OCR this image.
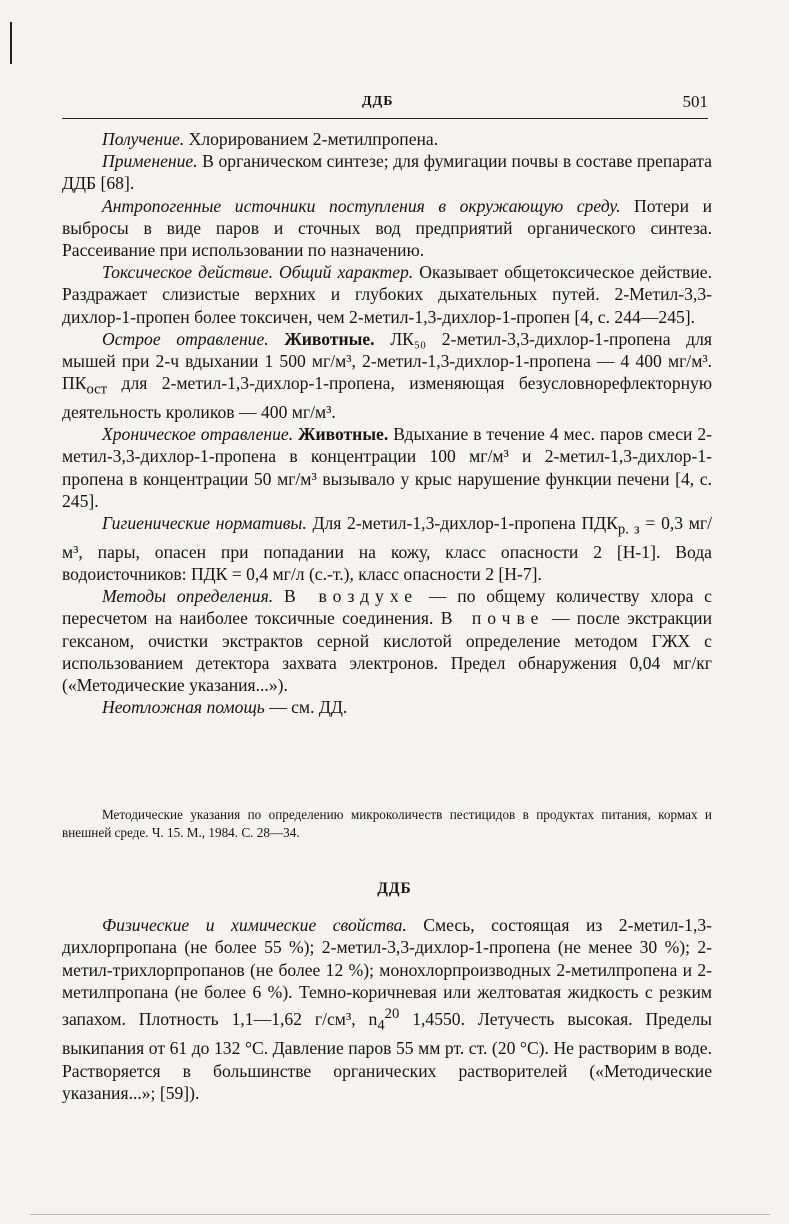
ДДБ	501

Получение. Хлорированием 2-метилпропена.

Применение. В органическом синтезе; для фумигации почвы в составе препарата ДДБ [68].

Антропогенные источники поступления в окружающую среду. Потери и выбросы в виде паров и сточных вод предприятий органического синтеза. Рассеивание при использовании по назначению.

Токсическое действие. Общий характер. Оказывает общетоксическое действие. Раздражает слизистые верхних и глубоких дыхательных путей. 2-Метил-3,3-дихлор-1-пропен более токсичен, чем 2-метил-1,3-дихлор-1-пропен [4, с. 244—245].

Острое отравление. Животные. ЛК₅₀ 2-метил-3,3-дихлор-1-пропена для мышей при 2-ч вдыхании 1 500 мг/м³, 2-метил-1,3-дихлор-1-пропена — 4 400 мг/м³. $ПК_{ост}$ для 2-метил-1,3-дихлор-1-пропена, изменяющая безусловнорефлекторную деятельность кроликов — 400 мг/м³.

Хроническое отравление. Животные. Вдыхание в течение 4 мес. паров смеси 2-метил-3,3-дихлор-1-пропена в концентрации 100 мг/м³ и 2-метил-1,3-дихлор-1-пропена в концентрации 50 мг/м³ вызывало у крыс нарушение функции печени [4, с. 245].

Гигиенические нормативы. Для 2-метил-1,3-дихлор-1-пропена $ПДК_{р. з} = 0,3$ мг/м³, пары, опасен при попадании на кожу, класс опасности 2 [Н-1]. Вода водоисточников: ПДК = 0,4 мг/л (с.-т.), класс опасности 2 [Н-7].

Методы определения. В воздухе — по общему количеству хлора с пересчетом на наиболее токсичные соединения. В почве — после экстракции гексаном, очистки экстрактов серной кислотой определение методом ГЖХ с использованием детектора захвата электронов. Предел обнаружения 0,04 мг/кг («Методические указания...»).

Неотложная помощь — см. ДД.

Методические указания по определению микроколичеств пестицидов в продуктах питания, кормах и внешней среде. Ч. 15. М., 1984. С. 28—34.

ДДБ

Физические и химические свойства. Смесь, состоящая из 2-метил-1,3-дихлорпропана (не более 55 %); 2-метил-3,3-дихлор-1-пропена (не менее 30 %); 2-метил-трихлорпропанов (не более 12 %); монохлорпроизводных 2-метилпропена и 2-метилпропана (не более 6 %). Темно-коричневая или желтоватая жидкость с резким запахом. Плотность 1,1—1,62 г/см³, $n_4^{20}$ 1,4550. Летучесть высокая. Пределы выкипания от 61 до 132 °С. Давление паров 55 мм рт. ст. (20 °С). Не растворим в воде. Растворяется в большинстве органических растворителей («Методические указания...»; [59]).
